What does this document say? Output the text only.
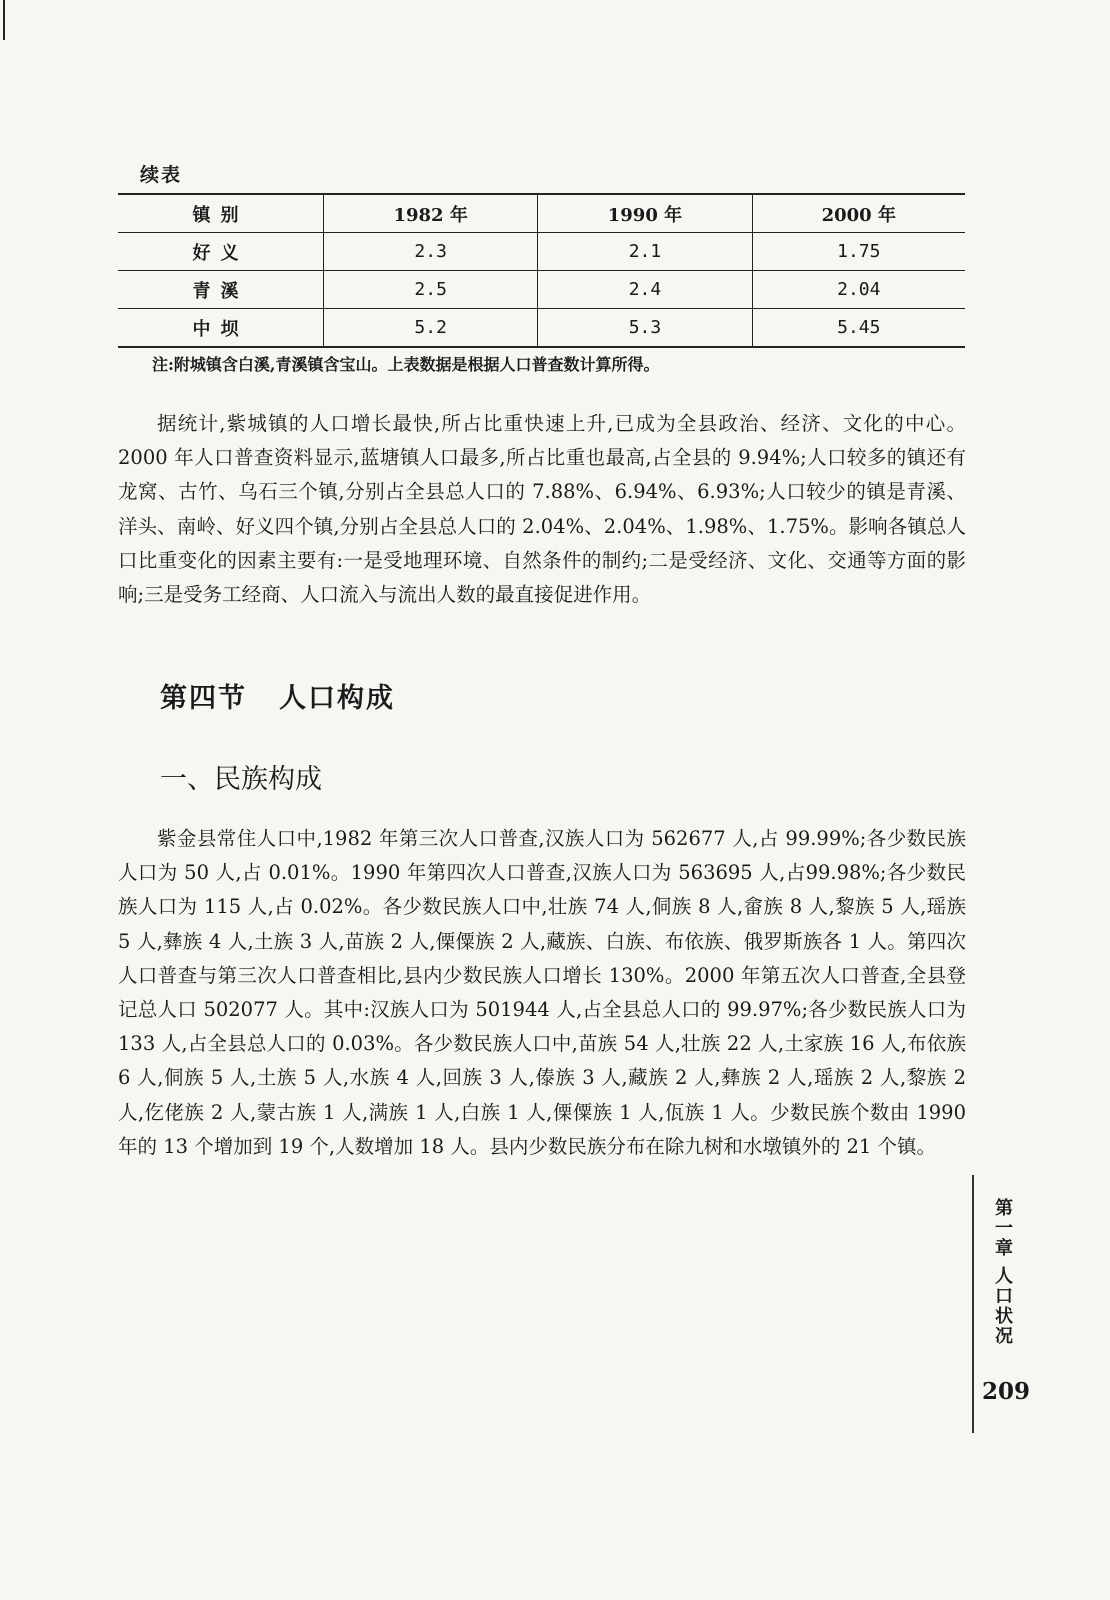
续表
镇别	1982 年	1990 年	2000 年
好义	2.3	2.1	1.75
青溪	2.5	2.4	2.04
中坝	5.2	5.3	5.45
注:附城镇含白溪,青溪镇含宝山。上表数据是根据人口普查数计算所得。

据统计,紫城镇的人口增长最快,所占比重快速上升,已成为全县政治、经济、文化的中心。2000 年人口普查资料显示,蓝塘镇人口最多,所占比重也最高,占全县的 9.94%;人口较多的镇还有龙窝、古竹、乌石三个镇,分别占全县总人口的 7.88%、6.94%、6.93%;人口较少的镇是青溪、洋头、南岭、好义四个镇,分别占全县总人口的 2.04%、2.04%、1.98%、1.75%。影响各镇总人口比重变化的因素主要有:一是受地理环境、自然条件的制约;二是受经济、文化、交通等方面的影响;三是受务工经商、人口流入与流出人数的最直接促进作用。

第四节 人口构成
一、民族构成

紫金县常住人口中,1982 年第三次人口普查,汉族人口为 562677 人,占 99.99%;各少数民族人口为 50 人,占 0.01%。1990 年第四次人口普查,汉族人口为 563695 人,占99.98%;各少数民族人口为 115 人,占 0.02%。各少数民族人口中,壮族 74 人,侗族 8 人,畲族 8 人,黎族 5 人,瑶族 5 人,彝族 4 人,土族 3 人,苗族 2 人,傈僳族 2 人,藏族、白族、布依族、俄罗斯族各 1 人。第四次人口普查与第三次人口普查相比,县内少数民族人口增长 130%。2000 年第五次人口普查,全县登记总人口 502077 人。其中:汉族人口为 501944 人,占全县总人口的 99.97%;各少数民族人口为 133 人,占全县总人口的 0.03%。各少数民族人口中,苗族 54 人,壮族 22 人,土家族 16 人,布依族 6 人,侗族 5 人,土族 5 人,水族 4 人,回族 3 人,傣族 3 人,藏族 2 人,彝族 2 人,瑶族 2 人,黎族 2 人,仡佬族 2 人,蒙古族 1 人,满族 1 人,白族 1 人,傈僳族 1 人,佤族 1 人。少数民族个数由 1990 年的 13 个增加到 19 个,人数增加 18 人。县内少数民族分布在除九树和水墩镇外的 21 个镇。

第一章 人口状况
209
